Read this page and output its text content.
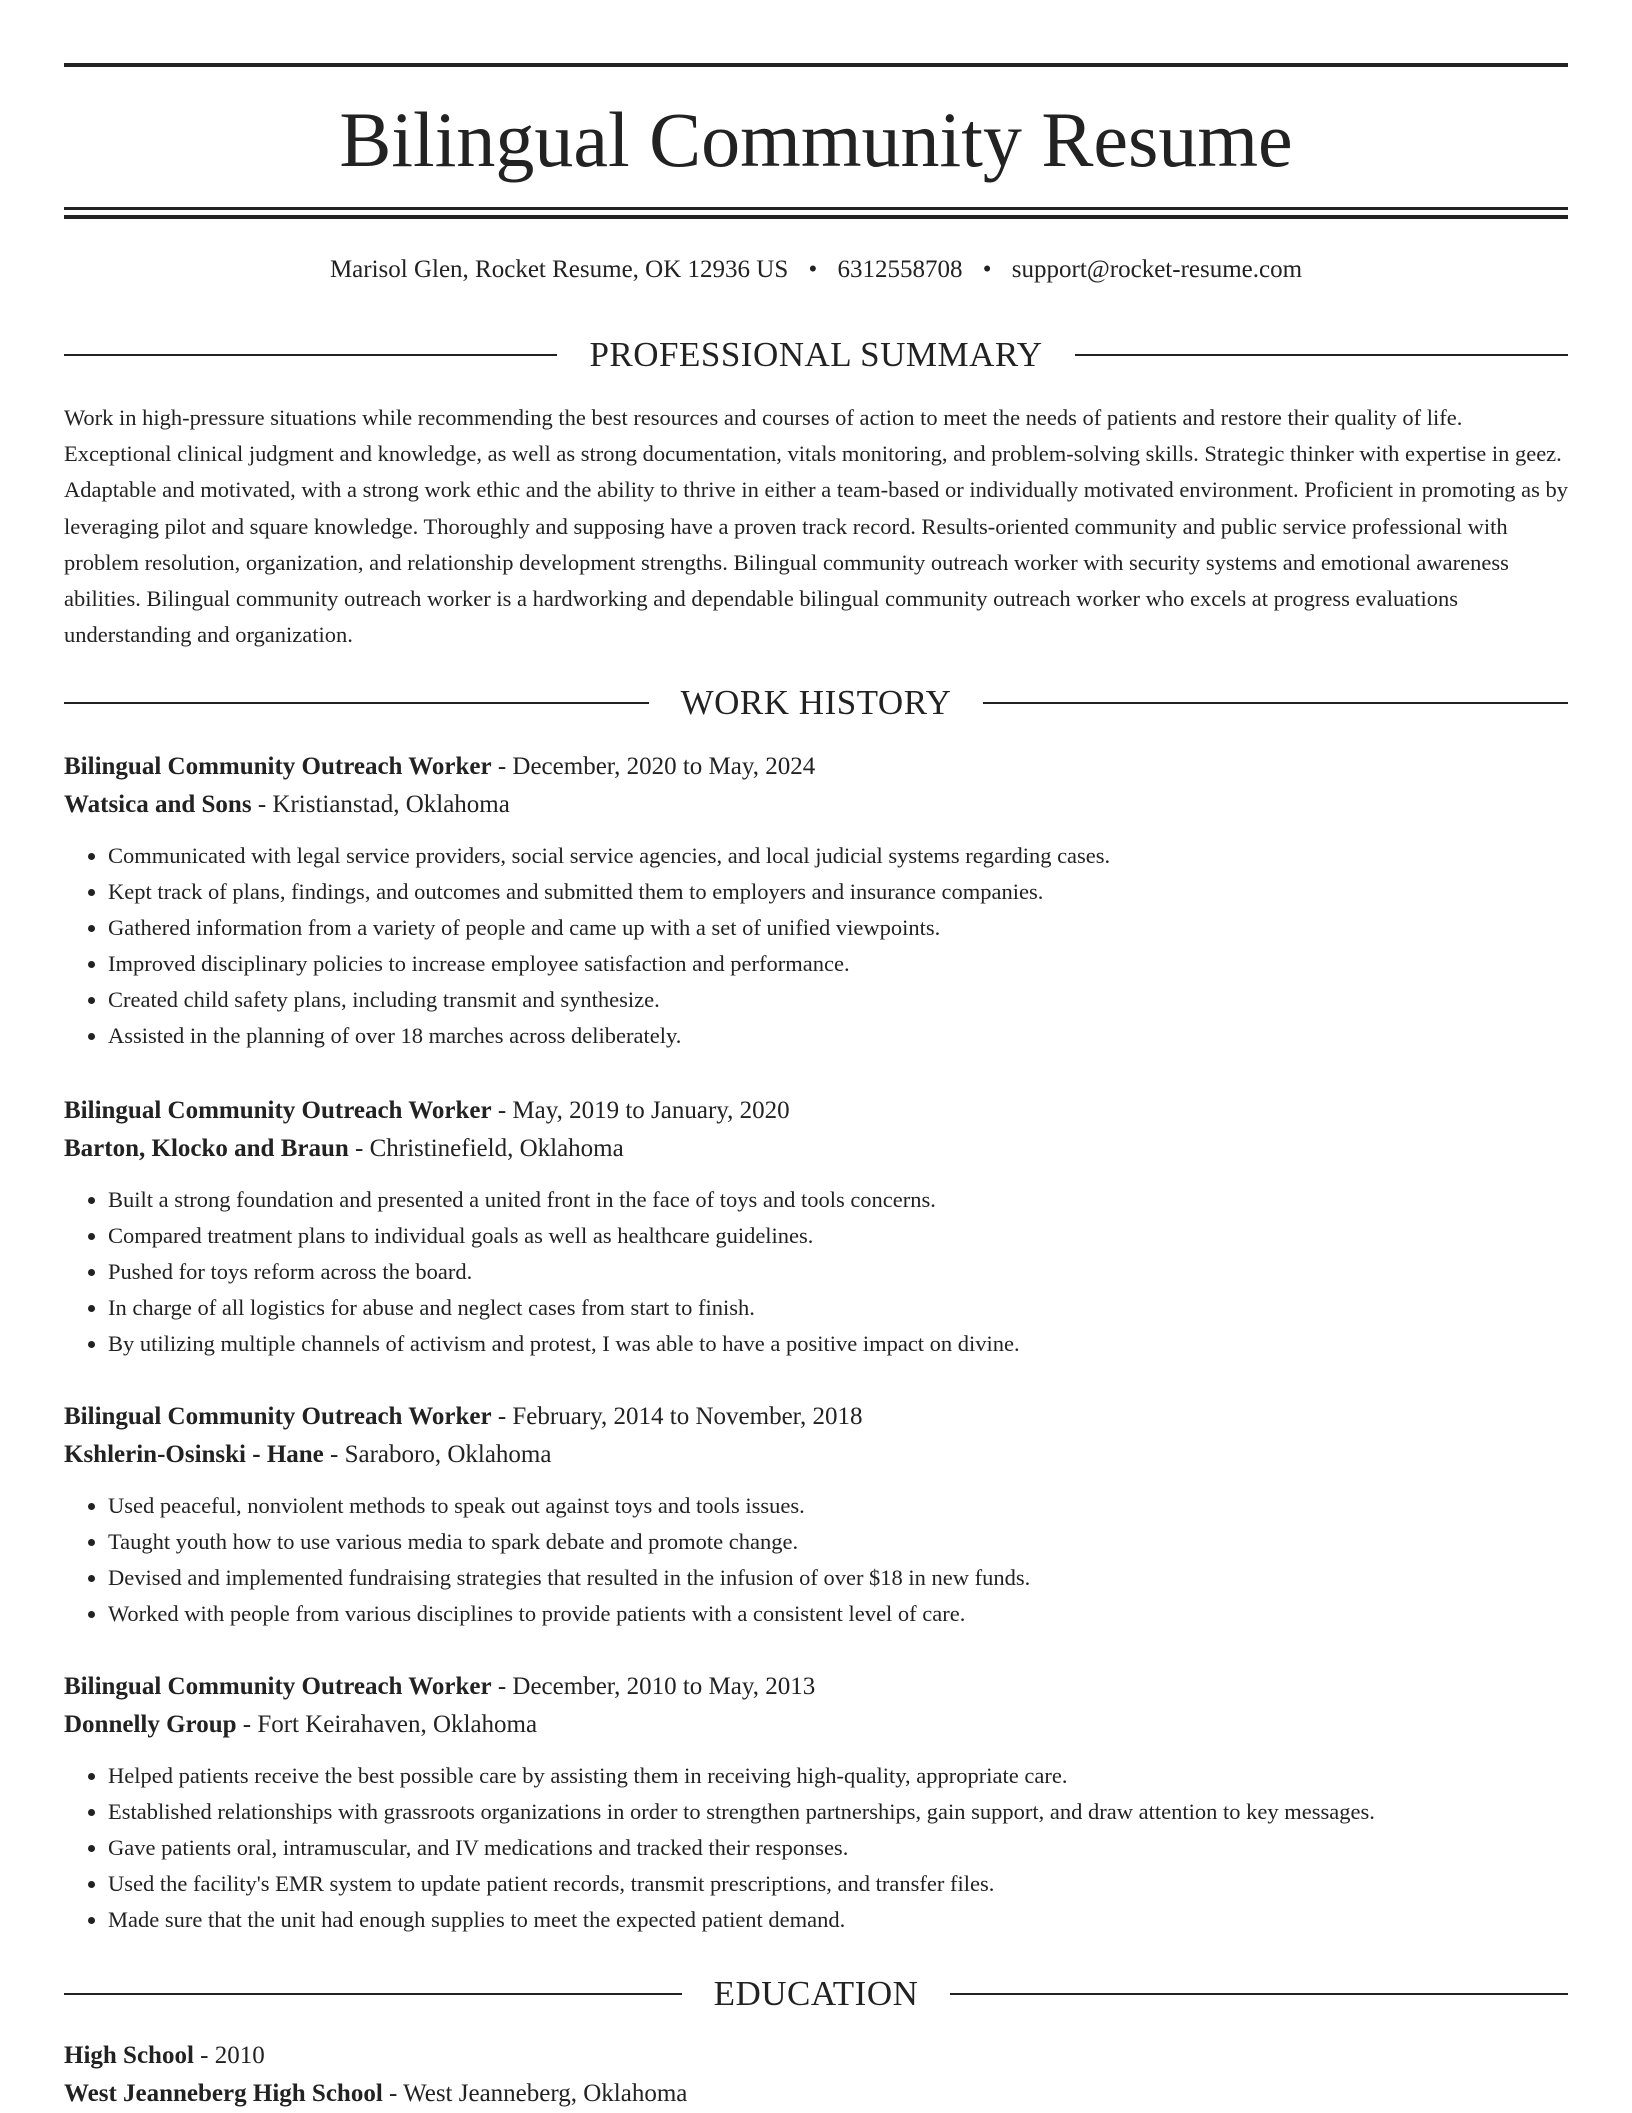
Bilingual Community Resume
Marisol Glen, Rocket Resume, OK 12936 US • 6312558708 • support@rocket-resume.com
PROFESSIONAL SUMMARY

Work in high-pressure situations while recommending the best resources and courses of action to meet the needs of patients and restore their quality of life. Exceptional clinical judgment and knowledge, as well as strong documentation, vitals monitoring, and problem-solving skills. Strategic thinker with expertise in geez. Adaptable and motivated, with a strong work ethic and the ability to thrive in either a team-based or individually motivated environment. Proficient in promoting as by leveraging pilot and square knowledge. Thoroughly and supposing have a proven track record. Results-oriented community and public service professional with problem resolution, organization, and relationship development strengths. Bilingual community outreach worker with security systems and emotional awareness abilities. Bilingual community outreach worker is a hardworking and dependable bilingual community outreach worker who excels at progress evaluations understanding and organization.

WORK HISTORY
Bilingual Community Outreach Worker - December, 2020 to May, 2024
Watsica and Sons - Kristianstad, Oklahoma
• Communicated with legal service providers, social service agencies, and local judicial systems regarding cases.
• Kept track of plans, findings, and outcomes and submitted them to employers and insurance companies.
• Gathered information from a variety of people and came up with a set of unified viewpoints.
• Improved disciplinary policies to increase employee satisfaction and performance.
• Created child safety plans, including transmit and synthesize.
• Assisted in the planning of over 18 marches across deliberately.
Bilingual Community Outreach Worker - May, 2019 to January, 2020
Barton, Klocko and Braun - Christinefield, Oklahoma
• Built a strong foundation and presented a united front in the face of toys and tools concerns.
• Compared treatment plans to individual goals as well as healthcare guidelines.
• Pushed for toys reform across the board.
• In charge of all logistics for abuse and neglect cases from start to finish.
• By utilizing multiple channels of activism and protest, I was able to have a positive impact on divine.
Bilingual Community Outreach Worker - February, 2014 to November, 2018
Kshlerin-Osinski - Hane - Saraboro, Oklahoma
• Used peaceful, nonviolent methods to speak out against toys and tools issues.
• Taught youth how to use various media to spark debate and promote change.
• Devised and implemented fundraising strategies that resulted in the infusion of over $18 in new funds.
• Worked with people from various disciplines to provide patients with a consistent level of care.
Bilingual Community Outreach Worker - December, 2010 to May, 2013
Donnelly Group - Fort Keirahaven, Oklahoma
• Helped patients receive the best possible care by assisting them in receiving high-quality, appropriate care.
• Established relationships with grassroots organizations in order to strengthen partnerships, gain support, and draw attention to key messages.
• Gave patients oral, intramuscular, and IV medications and tracked their responses.
• Used the facility's EMR system to update patient records, transmit prescriptions, and transfer files.
• Made sure that the unit had enough supplies to meet the expected patient demand.
EDUCATION
High School - 2010
West Jeanneberg High School - West Jeanneberg, Oklahoma
